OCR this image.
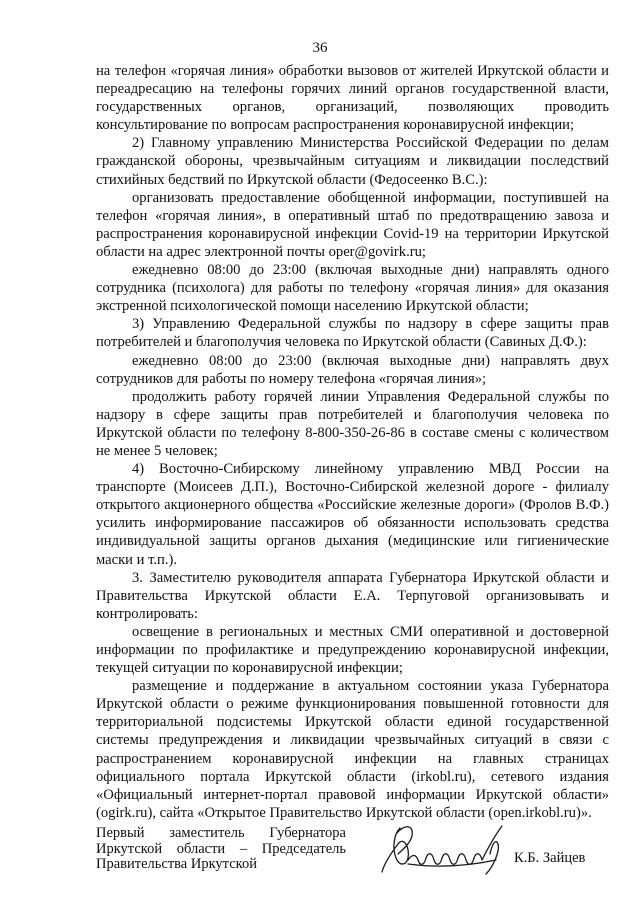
36

на телефон «горячая линия» обработки вызовов от жителей Иркутской области и переадресацию на телефоны горячих линий органов государственной власти, государственных органов, организаций, позволяющих проводить консультирование по вопросам распространения коронавирусной инфекции;

2) Главному управлению Министерства Российской Федерации по делам гражданской обороны, чрезвычайным ситуациям и ликвидации последствий стихийных бедствий по Иркутской области (Федосеенко В.С.):

организовать предоставление обобщенной информации, поступившей на телефон «горячая линия», в оперативный штаб по предотвращению завоза и распространения коронавирусной инфекции Covid-19 на территории Иркутской области на адрес электронной почты oper@govirk.ru;

ежедневно 08:00 до 23:00 (включая выходные дни) направлять одного сотрудника (психолога) для работы по телефону «горячая линия» для оказания экстренной психологической помощи населению Иркутской области;

3) Управлению Федеральной службы по надзору в сфере защиты прав потребителей и благополучия человека по Иркутской области (Савиных Д.Ф.):

ежедневно 08:00 до 23:00 (включая выходные дни) направлять двух сотрудников для работы по номеру телефона «горячая линия»;

продолжить работу горячей линии Управления Федеральной службы по надзору в сфере защиты прав потребителей и благополучия человека по Иркутской области по телефону 8-800-350-26-86 в составе смены с количеством не менее 5 человек;

4) Восточно-Сибирскому линейному управлению МВД России на транспорте (Моисеев Д.П.), Восточно-Сибирской железной дороге - филиалу открытого акционерного общества «Российские железные дороги» (Фролов В.Ф.) усилить информирование пассажиров об обязанности использовать средства индивидуальной защиты органов дыхания (медицинские или гигиенические маски и т.п.).

3. Заместителю руководителя аппарата Губернатора Иркутской области и Правительства Иркутской области Е.А. Терпуговой организовывать и контролировать:

освещение в региональных и местных СМИ оперативной и достоверной информации по профилактике и предупреждению коронавирусной инфекции, текущей ситуации по коронавирусной инфекции;

размещение и поддержание в актуальном состоянии указа Губернатора Иркутской области о режиме функционирования повышенной готовности для территориальной подсистемы Иркутской области единой государственной системы предупреждения и ликвидации чрезвычайных ситуаций в связи с распространением коронавирусной инфекции на главных страницах официального портала Иркутской области (irkobl.ru), сетевого издания «Официальный интернет-портал правовой информации Иркутской области» (ogirk.ru), сайта «Открытое Правительство Иркутской области (open.irkobl.ru)».

Первый заместитель Губернатора
Иркутской области – Председатель
Правительства Иркутской	К.Б. Зайцев
